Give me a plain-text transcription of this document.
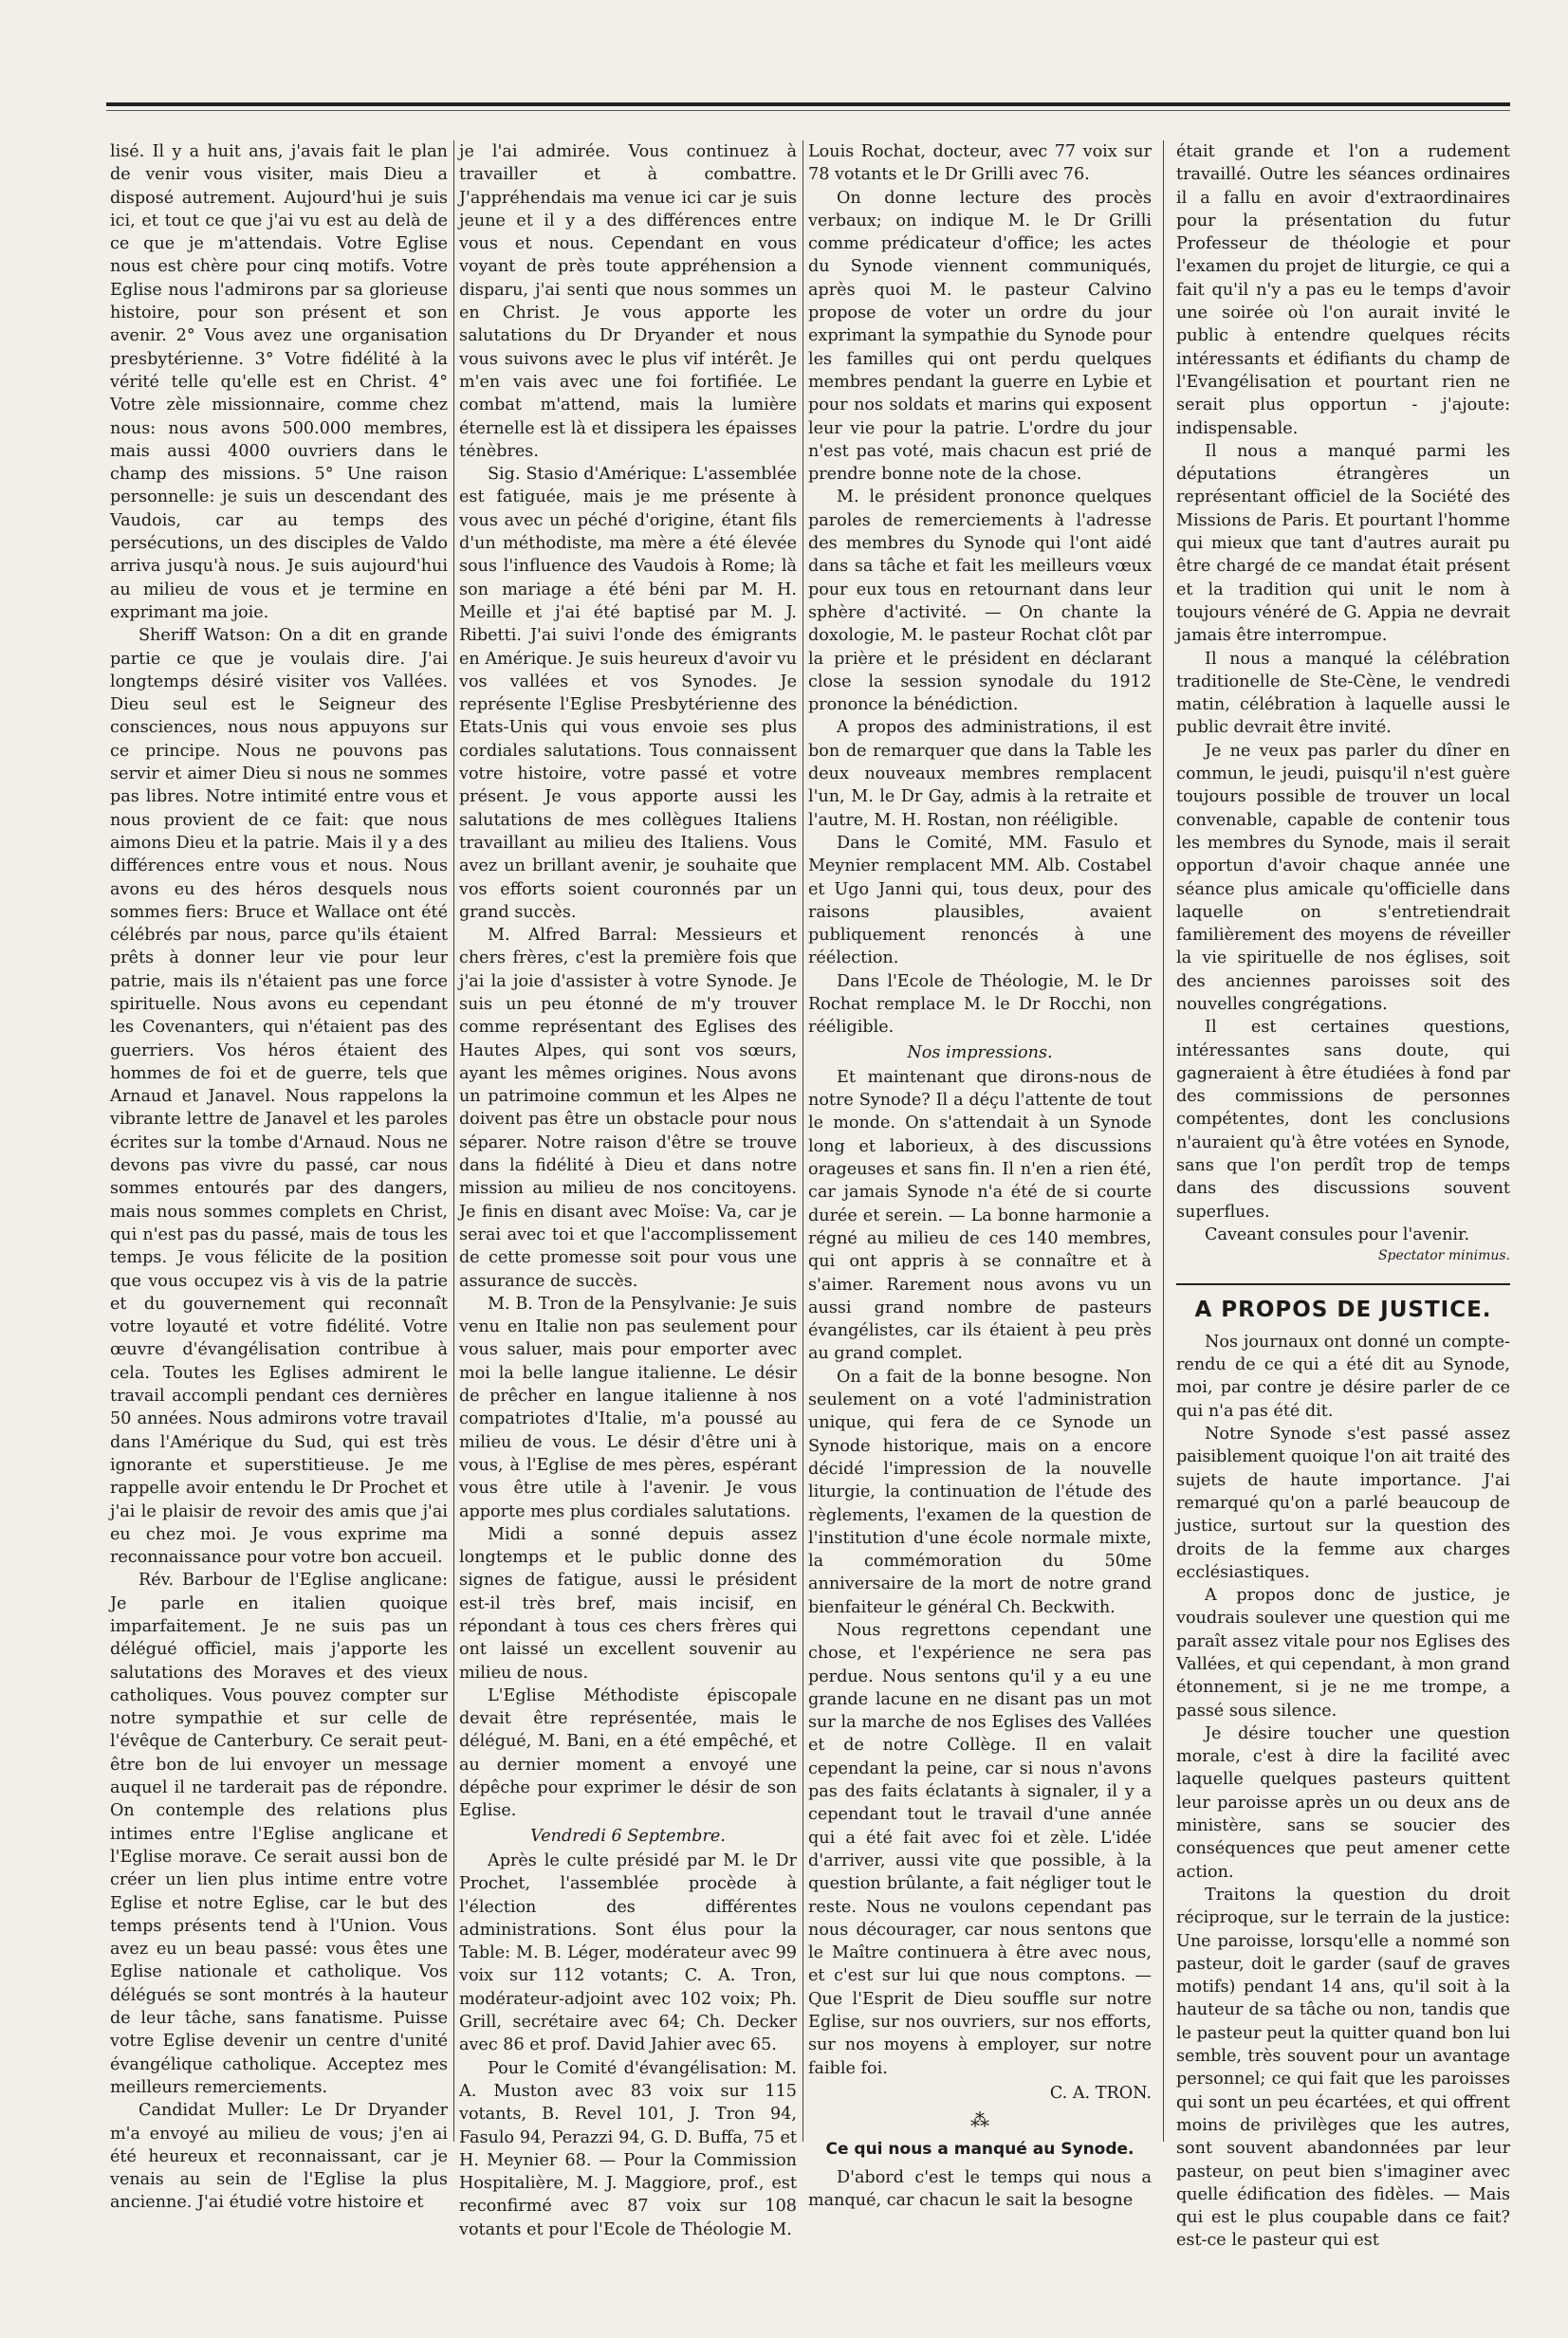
lisé. Il y a huit ans, j'avais fait le plan de venir vous visiter, mais Dieu a disposé autrement. Aujourd'hui je suis ici, et tout ce que j'ai vu est au delà de ce que je m'attendais. Votre Eglise nous est chère pour cinq motifs. Votre Eglise nous l'admirons par sa glorieuse histoire, pour son présent et son avenir. 2° Vous avez une organisation presbytérienne. 3° Votre fidélité à la vérité telle qu'elle est en Christ. 4° Votre zèle missionnaire, comme chez nous: nous avons 500.000 membres, mais aussi 4000 ouvriers dans le champ des missions. 5° Une raison personnelle: je suis un descendant des Vaudois, car au temps des persécutions, un des disciples de Valdo arriva jusqu'à nous. Je suis aujourd'hui au milieu de vous et je termine en exprimant ma joie.

Sheriff Watson: On a dit en grande partie ce que je voulais dire. J'ai longtemps désiré visiter vos Vallées. Dieu seul est le Seigneur des consciences, nous nous appuyons sur ce principe. Nous ne pouvons pas servir et aimer Dieu si nous ne sommes pas libres. Notre intimité entre vous et nous provient de ce fait: que nous aimons Dieu et la patrie. Mais il y a des différences entre vous et nous. Nous avons eu des héros desquels nous sommes fiers: Bruce et Wallace ont été célébrés par nous, parce qu'ils étaient prêts à donner leur vie pour leur patrie, mais ils n'étaient pas une force spirituelle. Nous avons eu cependant les Covenanters, qui n'étaient pas des guerriers. Vos héros étaient des hommes de foi et de guerre, tels que Arnaud et Janavel. Nous rappelons la vibrante lettre de Janavel et les paroles écrites sur la tombe d'Arnaud. Nous ne devons pas vivre du passé, car nous sommes entourés par des dangers, mais nous sommes complets en Christ, qui n'est pas du passé, mais de tous les temps. Je vous félicite de la position que vous occupez vis à vis de la patrie et du gouvernement qui reconnaît votre loyauté et votre fidélité. Votre œuvre d'évangélisation contribue à cela. Toutes les Eglises admirent le travail accompli pendant ces dernières 50 années. Nous admirons votre travail dans l'Amérique du Sud, qui est très ignorante et superstitieuse. Je me rappelle avoir entendu le Dr Prochet et j'ai le plaisir de revoir des amis que j'ai eu chez moi. Je vous exprime ma reconnaissance pour votre bon accueil.

Rév. Barbour de l'Eglise anglicane: Je parle en italien quoique imparfaitement. Je ne suis pas un délégué officiel, mais j'apporte les salutations des Moraves et des vieux catholiques. Vous pouvez compter sur notre sympathie et sur celle de l'évêque de Canterbury. Ce serait peut-être bon de lui envoyer un message auquel il ne tarderait pas de répondre. On contemple des relations plus intimes entre l'Eglise anglicane et l'Eglise morave. Ce serait aussi bon de créer un lien plus intime entre votre Eglise et notre Eglise, car le but des temps présents tend à l'Union. Vous avez eu un beau passé: vous êtes une Eglise nationale et catholique. Vos délégués se sont montrés à la hauteur de leur tâche, sans fanatisme. Puisse votre Eglise devenir un centre d'unité évangélique catholique. Acceptez mes meilleurs remerciements.

Candidat Muller: Le Dr Dryander m'a envoyé au milieu de vous; j'en ai été heureux et reconnaissant, car je venais au sein de l'Eglise la plus ancienne. J'ai étudié votre histoire et

je l'ai admirée. Vous continuez à travailler et à combattre. J'appréhendais ma venue ici car je suis jeune et il y a des différences entre vous et nous. Cependant en vous voyant de près toute appréhension a disparu, j'ai senti que nous sommes un en Christ. Je vous apporte les salutations du Dr Dryander et nous vous suivons avec le plus vif intérêt. Je m'en vais avec une foi fortifiée. Le combat m'attend, mais la lumière éternelle est là et dissipera les épaisses ténèbres.

Sig. Stasio d'Amérique: L'assemblée est fatiguée, mais je me présente à vous avec un péché d'origine, étant fils d'un méthodiste, ma mère a été élevée sous l'influence des Vaudois à Rome; là son mariage a été béni par M. H. Meille et j'ai été baptisé par M. J. Ribetti. J'ai suivi l'onde des émigrants en Amérique. Je suis heureux d'avoir vu vos vallées et vos Synodes. Je représente l'Eglise Presbytérienne des Etats-Unis qui vous envoie ses plus cordiales salutations. Tous connaissent votre histoire, votre passé et votre présent. Je vous apporte aussi les salutations de mes collègues Italiens travaillant au milieu des Italiens. Vous avez un brillant avenir, je souhaite que vos efforts soient couronnés par un grand succès.

M. Alfred Barral: Messieurs et chers frères, c'est la première fois que j'ai la joie d'assister à votre Synode. Je suis un peu étonné de m'y trouver comme représentant des Eglises des Hautes Alpes, qui sont vos sœurs, ayant les mêmes origines. Nous avons un patrimoine commun et les Alpes ne doivent pas être un obstacle pour nous séparer. Notre raison d'être se trouve dans la fidélité à Dieu et dans notre mission au milieu de nos concitoyens. Je finis en disant avec Moïse: Va, car je serai avec toi et que l'accomplissement de cette promesse soit pour vous une assurance de succès.

M. B. Tron de la Pensylvanie: Je suis venu en Italie non pas seulement pour vous saluer, mais pour emporter avec moi la belle langue italienne. Le désir de prêcher en langue italienne à nos compatriotes d'Italie, m'a poussé au milieu de vous. Le désir d'être uni à vous, à l'Eglise de mes pères, espérant vous être utile à l'avenir. Je vous apporte mes plus cordiales salutations.

Midi a sonné depuis assez longtemps et le public donne des signes de fatigue, aussi le président est-il très bref, mais incisif, en répondant à tous ces chers frères qui ont laissé un excellent souvenir au milieu de nous.

L'Eglise Méthodiste épiscopale devait être représentée, mais le délégué, M. Bani, en a été empêché, et au dernier moment a envoyé une dépêche pour exprimer le désir de son Eglise.

Vendredi 6 Septembre.

Après le culte présidé par M. le Dr Prochet, l'assemblée procède à l'élection des différentes administrations. Sont élus pour la Table: M. B. Léger, modérateur avec 99 voix sur 112 votants; C. A. Tron, modérateur-adjoint avec 102 voix; Ph. Grill, secrétaire avec 64; Ch. Decker avec 86 et prof. David Jahier avec 65.

Pour le Comité d'évangélisation: M. A. Muston avec 83 voix sur 115 votants, B. Revel 101, J. Tron 94, Fasulo 94, Perazzi 94, G. D. Buffa, 75 et H. Meynier 68. — Pour la Commission Hospitalière, M. J. Maggiore, prof., est reconfirmé avec 87 voix sur 108 votants et pour l'Ecole de Théologie M.

Louis Rochat, docteur, avec 77 voix sur 78 votants et le Dr Grilli avec 76.

On donne lecture des procès verbaux; on indique M. le Dr Grilli comme prédicateur d'office; les actes du Synode viennent communiqués, après quoi M. le pasteur Calvino propose de voter un ordre du jour exprimant la sympathie du Synode pour les familles qui ont perdu quelques membres pendant la guerre en Lybie et pour nos soldats et marins qui exposent leur vie pour la patrie. L'ordre du jour n'est pas voté, mais chacun est prié de prendre bonne note de la chose.

M. le président prononce quelques paroles de remerciements à l'adresse des membres du Synode qui l'ont aidé dans sa tâche et fait les meilleurs vœux pour eux tous en retournant dans leur sphère d'activité. — On chante la doxologie, M. le pasteur Rochat clôt par la prière et le président en déclarant close la session synodale du 1912 prononce la bénédiction.

A propos des administrations, il est bon de remarquer que dans la Table les deux nouveaux membres remplacent l'un, M. le Dr Gay, admis à la retraite et l'autre, M. H. Rostan, non rééligible.

Dans le Comité, MM. Fasulo et Meynier remplacent MM. Alb. Costabel et Ugo Janni qui, tous deux, pour des raisons plausibles, avaient publiquement renoncés à une réélection.

Dans l'Ecole de Théologie, M. le Dr Rochat remplace M. le Dr Rocchi, non rééligible.

Nos impressions.

Et maintenant que dirons-nous de notre Synode? Il a déçu l'attente de tout le monde. On s'attendait à un Synode long et laborieux, à des discussions orageuses et sans fin. Il n'en a rien été, car jamais Synode n'a été de si courte durée et serein. — La bonne harmonie a régné au milieu de ces 140 membres, qui ont appris à se connaître et à s'aimer. Rarement nous avons vu un aussi grand nombre de pasteurs évangélistes, car ils étaient à peu près au grand complet.

On a fait de la bonne besogne. Non seulement on a voté l'administration unique, qui fera de ce Synode un Synode historique, mais on a encore décidé l'impression de la nouvelle liturgie, la continuation de l'étude des règlements, l'examen de la question de l'institution d'une école normale mixte, la commémoration du 50me anniversaire de la mort de notre grand bienfaiteur le général Ch. Beckwith.

Nous regrettons cependant une chose, et l'expérience ne sera pas perdue. Nous sentons qu'il y a eu une grande lacune en ne disant pas un mot sur la marche de nos Eglises des Vallées et de notre Collège. Il en valait cependant la peine, car si nous n'avons pas des faits éclatants à signaler, il y a cependant tout le travail d'une année qui a été fait avec foi et zèle. L'idée d'arriver, aussi vite que possible, à la question brûlante, a fait négliger tout le reste. Nous ne voulons cependant pas nous décourager, car nous sentons que le Maître continuera à être avec nous, et c'est sur lui que nous comptons. — Que l'Esprit de Dieu souffle sur notre Eglise, sur nos ouvriers, sur nos efforts, sur nos moyens à employer, sur notre faible foi.

C. A. TRON.
⁂
Ce qui nous a manqué au Synode.

D'abord c'est le temps qui nous a manqué, car chacun le sait la besogne

était grande et l'on a rudement travaillé. Outre les séances ordinaires il a fallu en avoir d'extraordinaires pour la présentation du futur Professeur de théologie et pour l'examen du projet de liturgie, ce qui a fait qu'il n'y a pas eu le temps d'avoir une soirée où l'on aurait invité le public à entendre quelques récits intéressants et édifiants du champ de l'Evangélisation et pourtant rien ne serait plus opportun - j'ajoute: indispensable.

Il nous a manqué parmi les députations étrangères un représentant officiel de la Société des Missions de Paris. Et pourtant l'homme qui mieux que tant d'autres aurait pu être chargé de ce mandat était présent et la tradition qui unit le nom à toujours vénéré de G. Appia ne devrait jamais être interrompue.

Il nous a manqué la célébration traditionelle de Ste-Cène, le vendredi matin, célébration à laquelle aussi le public devrait être invité.

Je ne veux pas parler du dîner en commun, le jeudi, puisqu'il n'est guère toujours possible de trouver un local convenable, capable de contenir tous les membres du Synode, mais il serait opportun d'avoir chaque année une séance plus amicale qu'officielle dans laquelle on s'entretiendrait familièrement des moyens de réveiller la vie spirituelle de nos églises, soit des anciennes paroisses soit des nouvelles congrégations.

Il est certaines questions, intéressantes sans doute, qui gagneraient à être étudiées à fond par des commissions de personnes compétentes, dont les conclusions n'auraient qu'à être votées en Synode, sans que l'on perdît trop de temps dans des discussions souvent superflues.

Caveant consules pour l'avenir.

Spectator minimus.
A PROPOS DE JUSTICE.

Nos journaux ont donné un compte-rendu de ce qui a été dit au Synode, moi, par contre je désire parler de ce qui n'a pas été dit.

Notre Synode s'est passé assez paisiblement quoique l'on ait traité des sujets de haute importance. J'ai remarqué qu'on a parlé beaucoup de justice, surtout sur la question des droits de la femme aux charges ecclésiastiques.

A propos donc de justice, je voudrais soulever une question qui me paraît assez vitale pour nos Eglises des Vallées, et qui cependant, à mon grand étonnement, si je ne me trompe, a passé sous silence.

Je désire toucher une question morale, c'est à dire la facilité avec laquelle quelques pasteurs quittent leur paroisse après un ou deux ans de ministère, sans se soucier des conséquences que peut amener cette action.

Traitons la question du droit réciproque, sur le terrain de la justice: Une paroisse, lorsqu'elle a nommé son pasteur, doit le garder (sauf de graves motifs) pendant 14 ans, qu'il soit à la hauteur de sa tâche ou non, tandis que le pasteur peut la quitter quand bon lui semble, très souvent pour un avantage personnel; ce qui fait que les paroisses qui sont un peu écartées, et qui offrent moins de privilèges que les autres, sont souvent abandonnées par leur pasteur, on peut bien s'imaginer avec quelle édification des fidèles. — Mais qui est le plus coupable dans ce fait? est-ce le pasteur qui est
